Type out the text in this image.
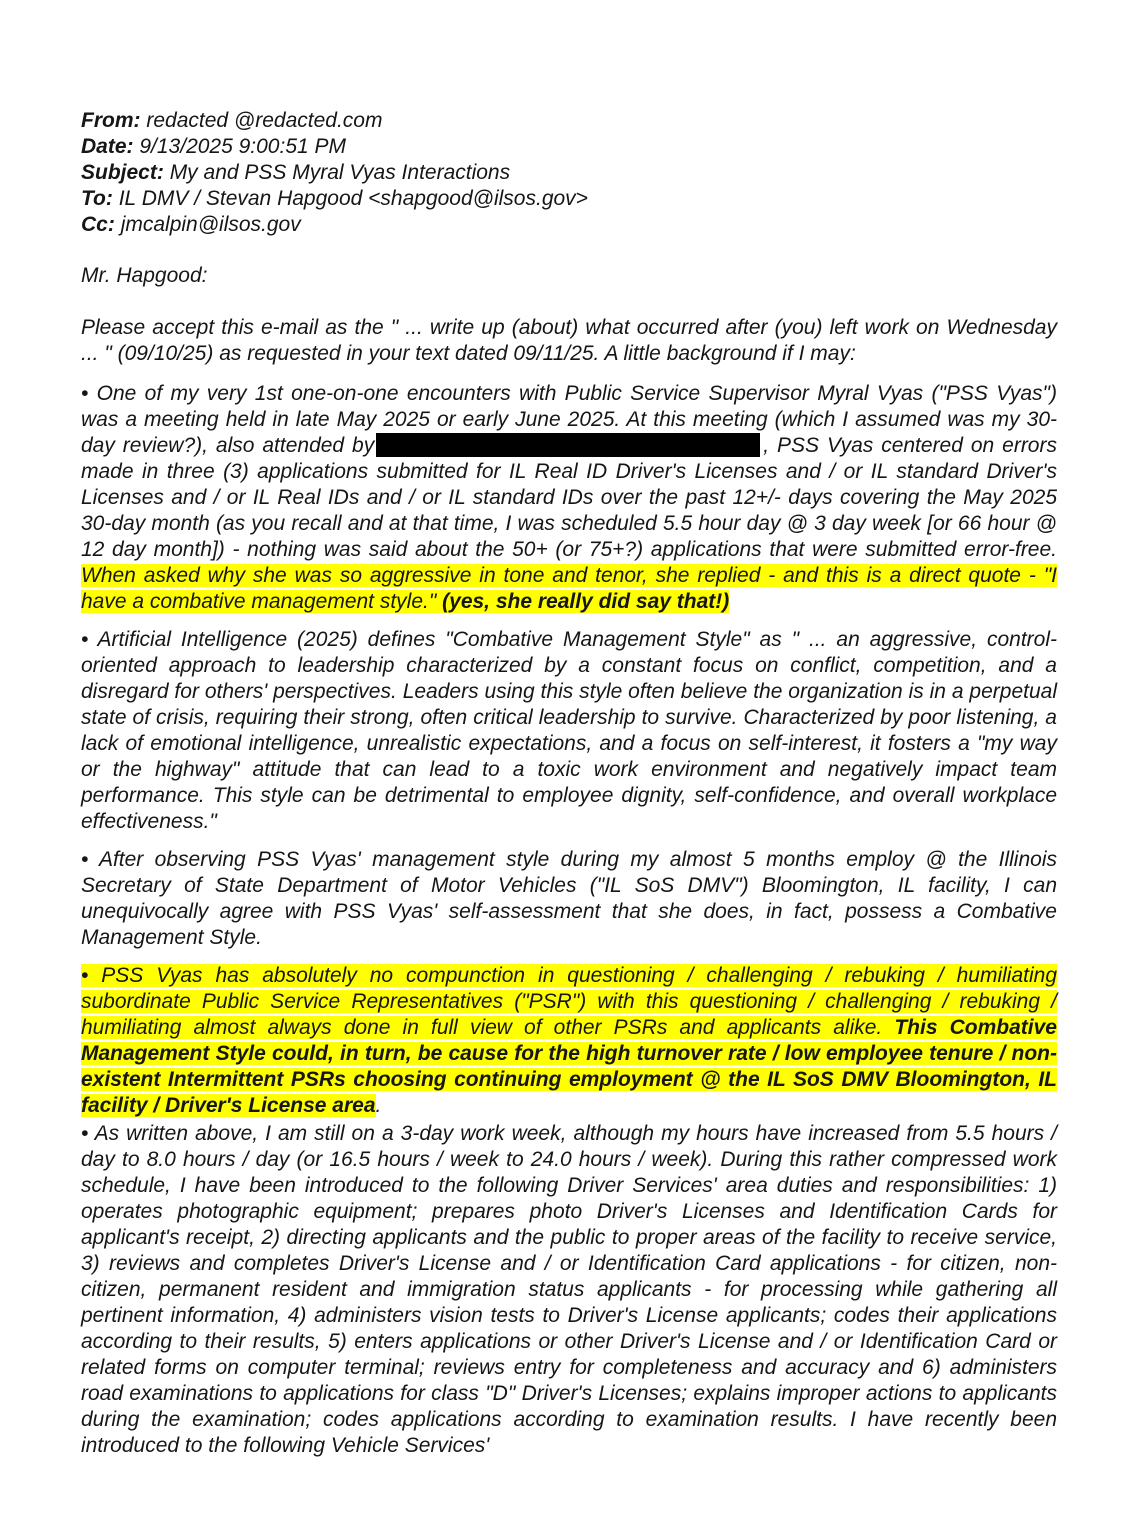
From: redacted @redacted.com

Date: 9/13/2025 9:00:51 PM

Subject: My and PSS Myral Vyas Interactions

To: IL DMV / Stevan Hapgood <shapgood@ilsos.gov>

Cc: jmcalpin@ilsos.gov

Mr. Hapgood:

Please accept this e-mail as the " ... write up (about) what occurred after (you) left work on Wednesday ... " (09/10/25) as requested in your text dated 09/11/25. A little background if I may:

• One of my very 1st one-on-one encounters with Public Service Supervisor Myral Vyas ("PSS Vyas") was a meeting held in late May 2025 or early June 2025. At this meeting (which I assumed was my 30-day review?), also attended by	, PSS Vyas centered on errors made in three (3) applications submitted for IL Real ID Driver's Licenses and / or IL standard Driver's Licenses and / or IL Real IDs and / or IL standard IDs over the past 12+/- days covering the May 2025 30-day month (as you recall and at that time, I was scheduled 5.5 hour day @ 3 day week [or 66 hour @ 12 day month]) - nothing was said about the 50+ (or 75+?) applications that were submitted error-free. When asked why she was so aggressive in tone and tenor, she replied - and this is a direct quote - "I have a combative management style." (yes, she really did say that!)

• Artificial Intelligence (2025) defines "Combative Management Style" as " ... an aggressive, control-oriented approach to leadership characterized by a constant focus on conflict, competition, and a disregard for others' perspectives. Leaders using this style often believe the organization is in a perpetual state of crisis, requiring their strong, often critical leadership to survive. Characterized by poor listening, a lack of emotional intelligence, unrealistic expectations, and a focus on self-interest, it fosters a "my way or the highway" attitude that can lead to a toxic work environment and negatively impact team performance. This style can be detrimental to employee dignity, self-confidence, and overall workplace effectiveness."

• After observing PSS Vyas' management style during my almost 5 months employ @ the Illinois Secretary of State Department of Motor Vehicles ("IL SoS DMV") Bloomington, IL facility, I can unequivocally agree with PSS Vyas' self-assessment that she does, in fact, possess a Combative Management Style.

• PSS Vyas has absolutely no compunction in questioning / challenging / rebuking / humiliating subordinate Public Service Representatives ("PSR") with this questioning / challenging / rebuking / humiliating almost always done in full view of other PSRs and applicants alike. This Combative Management Style could, in turn, be cause for the high turnover rate / low employee tenure / non-existent Intermittent PSRs choosing continuing employment @ the IL SoS DMV Bloomington, IL facility / Driver's License area.

• As written above, I am still on a 3-day work week, although my hours have increased from 5.5 hours / day to 8.0 hours / day (or 16.5 hours / week to 24.0 hours / week). During this rather compressed work schedule, I have been introduced to the following Driver Services' area duties and responsibilities: 1) operates photographic equipment; prepares photo Driver's Licenses and Identification Cards for applicant's receipt, 2) directing applicants and the public to proper areas of the facility to receive service, 3) reviews and completes Driver's License and / or Identification Card applications - for citizen, non-citizen, permanent resident and immigration status applicants - for processing while gathering all pertinent information, 4) administers vision tests to Driver's License applicants; codes their applications according to their results, 5) enters applications or other Driver's License and / or Identification Card or related forms on computer terminal; reviews entry for completeness and accuracy and 6) administers road examinations to applications for class "D" Driver's Licenses; explains improper actions to applicants during the examination; codes applications according to examination results. I have recently been introduced to the following Vehicle Services'
